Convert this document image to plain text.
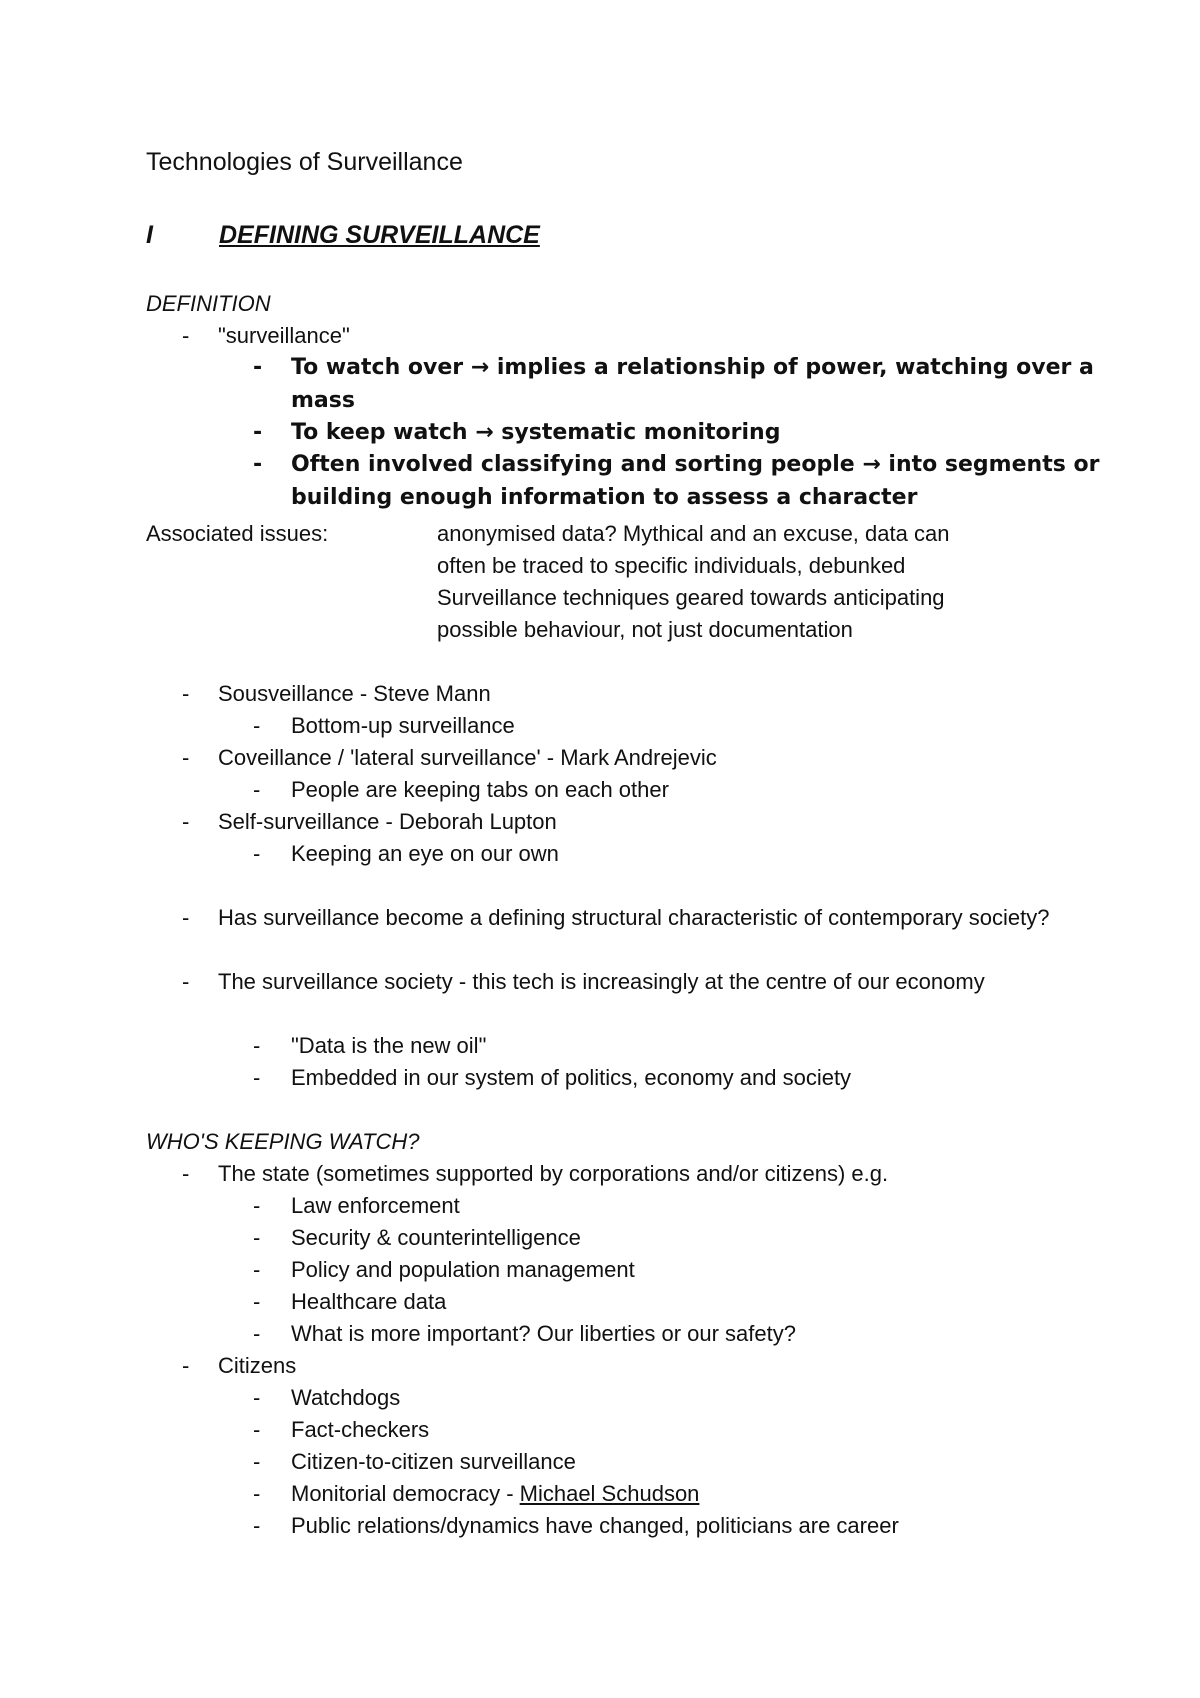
Technologies of Surveillance
I	DEFINING SURVEILLANCE
DEFINITION
- "surveillance"
- To watch over → implies a relationship of power, watching over a mass
- To keep watch → systematic monitoring
- Often involved classifying and sorting people → into segments or building enough information to assess a character
Associated issues:	anonymised data? Mythical and an excuse, data can
often be traced to specific individuals, debunked
Surveillance techniques geared towards anticipating
possible behaviour, not just documentation
- Sousveillance - Steve Mann
- Bottom-up surveillance
- Coveillance / 'lateral surveillance' - Mark Andrejevic
- People are keeping tabs on each other
- Self-surveillance - Deborah Lupton
- Keeping an eye on our own
- Has surveillance become a defining structural characteristic of contemporary society?
- The surveillance society - this tech is increasingly at the centre of our economy
- "Data is the new oil"
- Embedded in our system of politics, economy and society
WHO'S KEEPING WATCH?
- The state (sometimes supported by corporations and/or citizens) e.g.
- Law enforcement
- Security & counterintelligence
- Policy and population management
- Healthcare data
- What is more important? Our liberties or our safety?
- Citizens
- Watchdogs
- Fact-checkers
- Citizen-to-citizen surveillance
- Monitorial democracy - Michael Schudson
- Public relations/dynamics have changed, politicians are career
